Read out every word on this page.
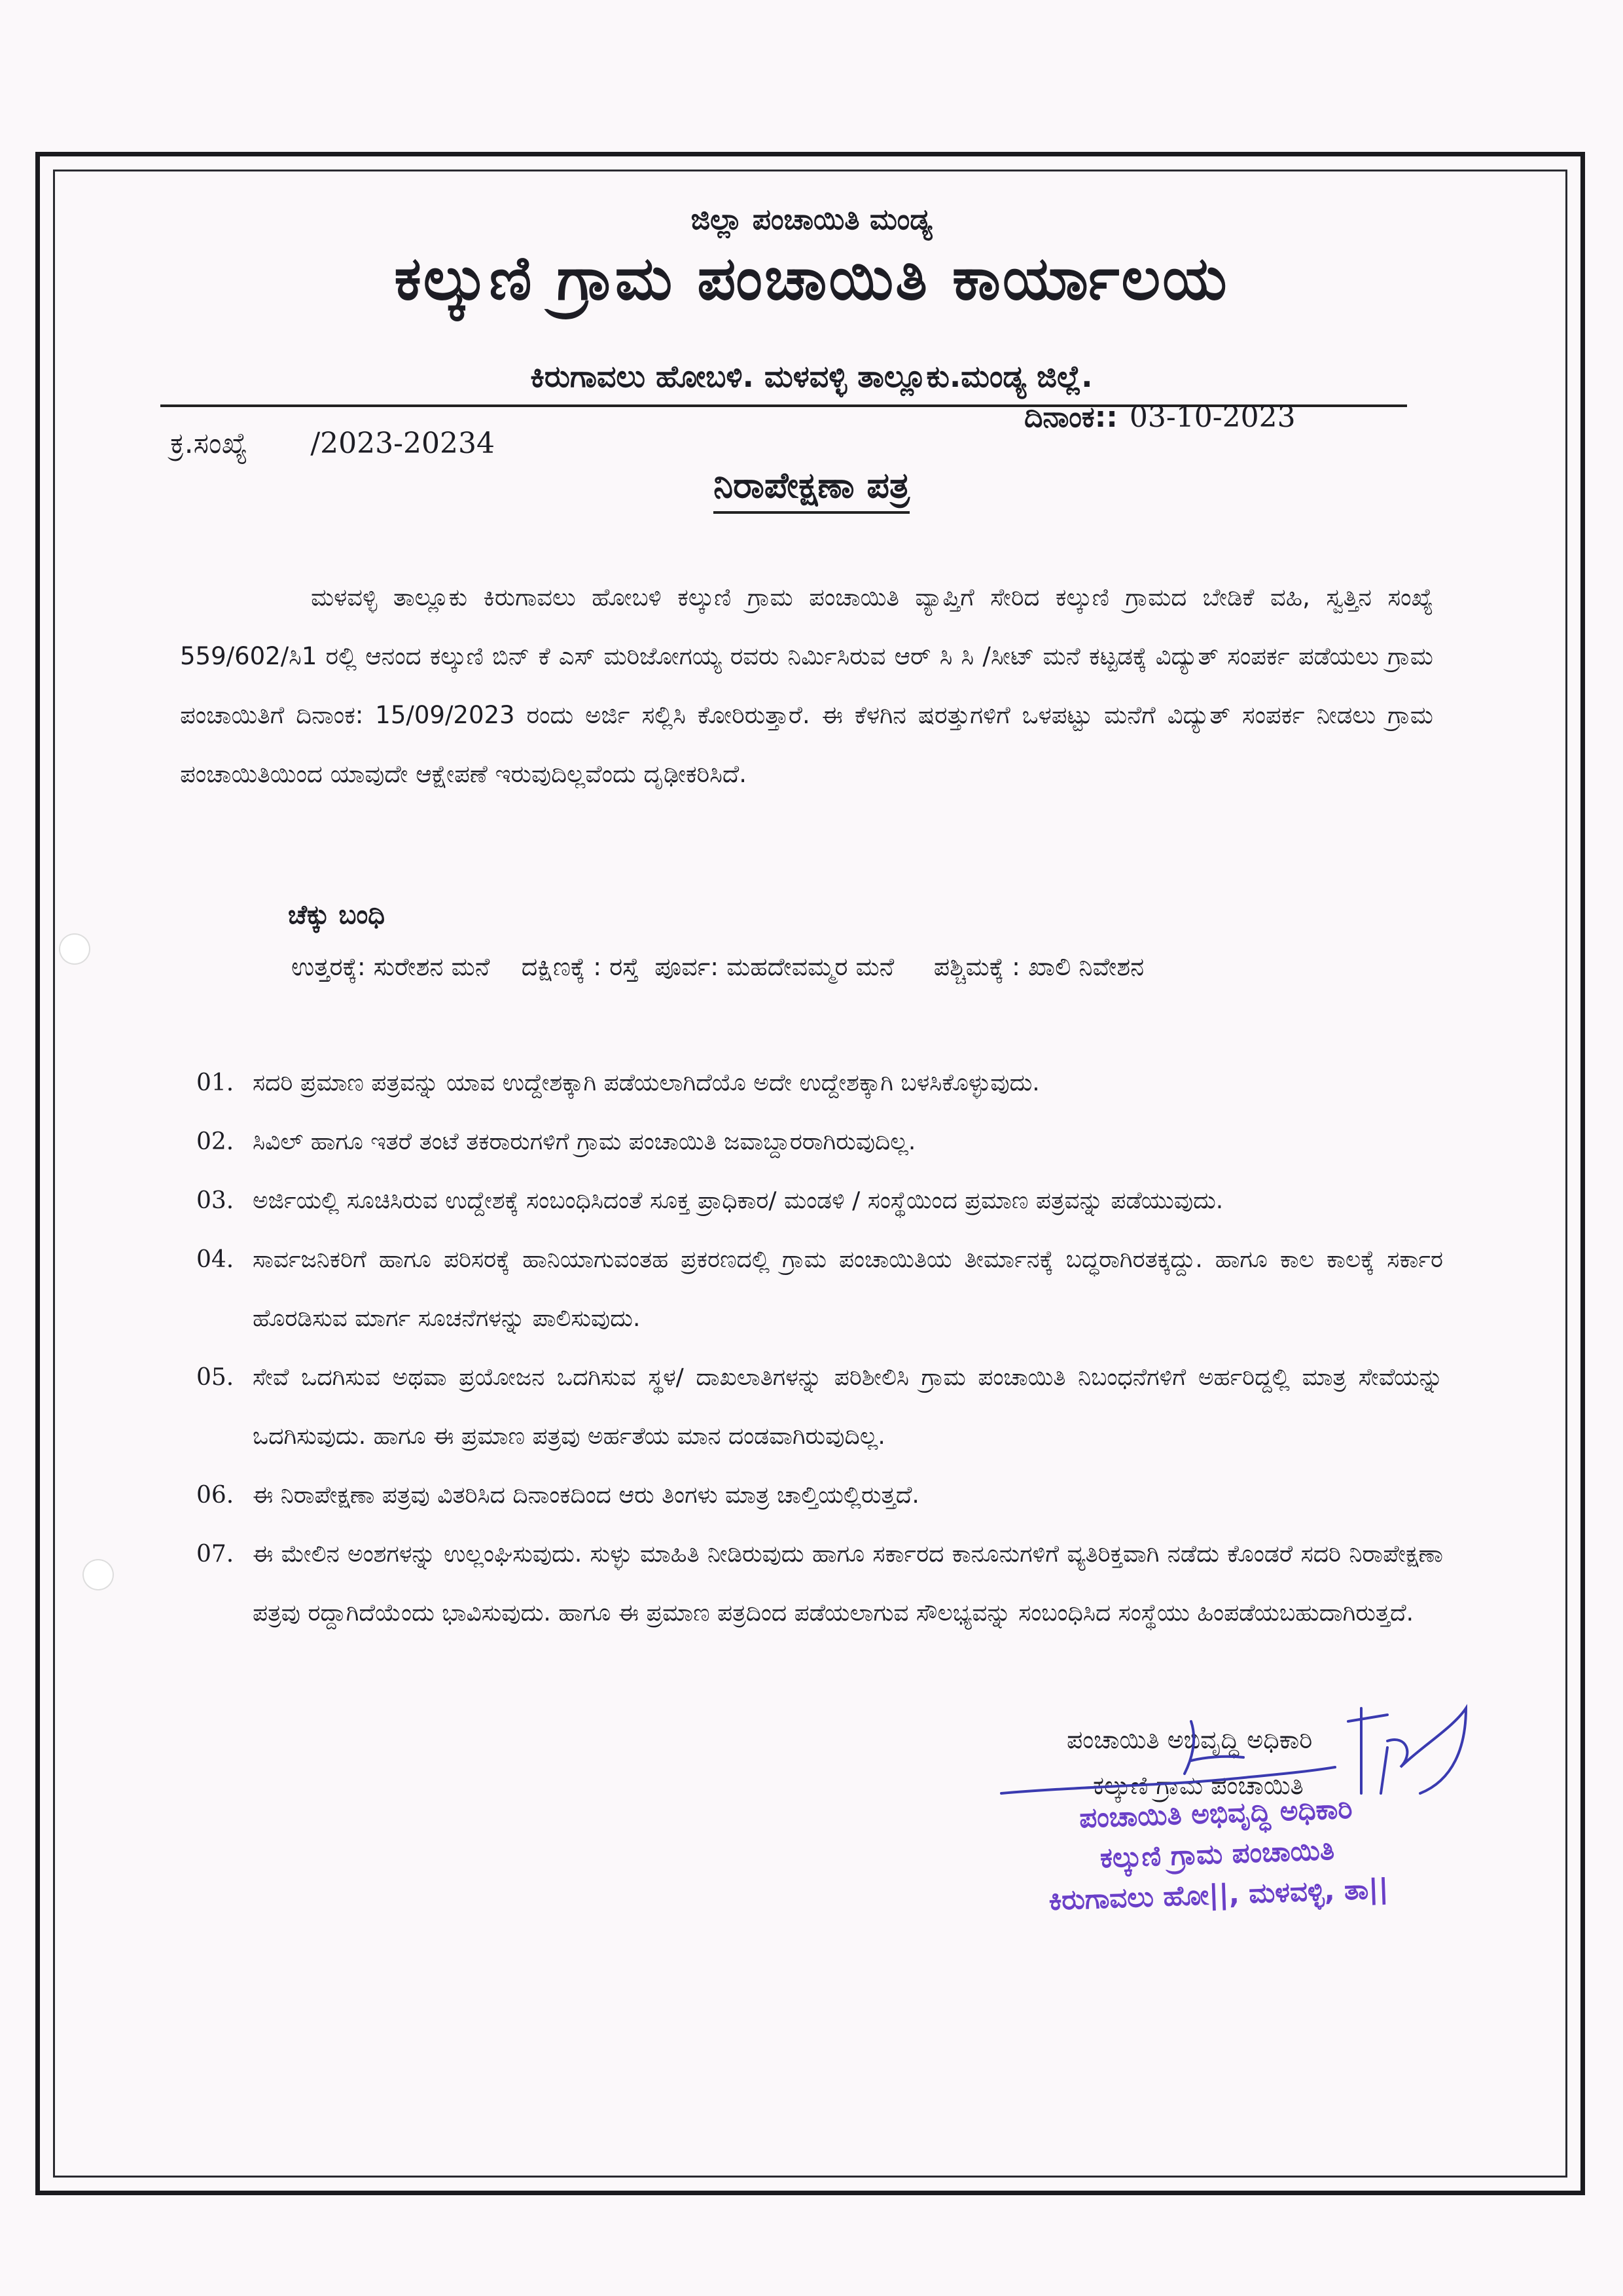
ಜಿಲ್ಲಾ ಪಂಚಾಯಿತಿ ಮಂಡ್ಯ
ಕಲ್ಕುಣಿ ಗ್ರಾಮ ಪಂಚಾಯಿತಿ ಕಾರ್ಯಾಲಯ
ಕಿರುಗಾವಲು ಹೋಬಳಿ. ಮಳವಳ್ಳಿ ತಾಲ್ಲೂಕು.ಮಂಡ್ಯ ಜಿಲ್ಲೆ.
ಕ್ರ.ಸಂಖ್ಯೆ /2023-20234
ದಿನಾಂಕ:: 03-10-2023
ನಿರಾಪೇಕ್ಷಣಾ ಪತ್ರ

ಮಳವಳ್ಳಿ ತಾಲ್ಲೂಕು ಕಿರುಗಾವಲು ಹೋಬಳಿ ಕಲ್ಕುಣಿ ಗ್ರಾಮ ಪಂಚಾಯಿತಿ ವ್ಯಾಪ್ತಿಗೆ ಸೇರಿದ ಕಲ್ಕುಣಿ ಗ್ರಾಮದ ಬೇಡಿಕೆ ವಹಿ, ಸ್ವತ್ತಿನ ಸಂಖ್ಯೆ 559/602/ಸಿ1 ರಲ್ಲಿ ಆನಂದ ಕಲ್ಕುಣಿ ಬಿನ್ ಕೆ ಎಸ್ ಮರಿಜೋಗಯ್ಯ ರವರು ನಿರ್ಮಿಸಿರುವ ಆರ್ ಸಿ ಸಿ /ಸೀಟ್ ಮನೆ ಕಟ್ಟಡಕ್ಕೆ ವಿದ್ಯುತ್ ಸಂಪರ್ಕ ಪಡೆಯಲು ಗ್ರಾಮ ಪಂಚಾಯಿತಿಗೆ ದಿನಾಂಕ: 15/09/2023 ರಂದು ಅರ್ಜಿ ಸಲ್ಲಿಸಿ ಕೋರಿರುತ್ತಾರೆ. ಈ ಕೆಳಗಿನ ಷರತ್ತುಗಳಿಗೆ ಒಳಪಟ್ಟು ಮನೆಗೆ ವಿದ್ಯುತ್ ಸಂಪರ್ಕ ನೀಡಲು ಗ್ರಾಮ ಪಂಚಾಯಿತಿಯಿಂದ ಯಾವುದೇ ಆಕ್ಷೇಪಣೆ ಇರುವುದಿಲ್ಲವೆಂದು ದೃಢೀಕರಿಸಿದೆ.

ಚೆಕ್ಕು ಬಂಧಿ
ಉತ್ತರಕ್ಕೆ: ಸುರೇಶನ ಮನೆ    ದಕ್ಷಿಣಕ್ಕೆ : ರಸ್ತೆ  ಪೂರ್ವ: ಮಹದೇವಮ್ಮರ ಮನೆ     ಪಶ್ಚಿಮಕ್ಕೆ : ಖಾಲಿ ನಿವೇಶನ
01. ಸದರಿ ಪ್ರಮಾಣ ಪತ್ರವನ್ನು ಯಾವ ಉದ್ದೇಶಕ್ಕಾಗಿ ಪಡೆಯಲಾಗಿದೆಯೊ ಅದೇ ಉದ್ದೇಶಕ್ಕಾಗಿ ಬಳಸಿಕೊಳ್ಳುವುದು.
02. ಸಿವಿಲ್ ಹಾಗೂ ಇತರೆ ತಂಟೆ ತಕರಾರುಗಳಿಗೆ ಗ್ರಾಮ ಪಂಚಾಯಿತಿ ಜವಾಬ್ದಾರರಾಗಿರುವುದಿಲ್ಲ.
03. ಅರ್ಜಿಯಲ್ಲಿ ಸೂಚಿಸಿರುವ ಉದ್ದೇಶಕ್ಕೆ ಸಂಬಂಧಿಸಿದಂತೆ ಸೂಕ್ತ ಪ್ರಾಧಿಕಾರ/ ಮಂಡಳಿ / ಸಂಸ್ಥೆಯಿಂದ ಪ್ರಮಾಣ ಪತ್ರವನ್ನು ಪಡೆಯುವುದು.
04. ಸಾರ್ವಜನಿಕರಿಗೆ ಹಾಗೂ ಪರಿಸರಕ್ಕೆ ಹಾನಿಯಾಗುವಂತಹ ಪ್ರಕರಣದಲ್ಲಿ ಗ್ರಾಮ ಪಂಚಾಯಿತಿಯ ತೀರ್ಮಾನಕ್ಕೆ ಬದ್ಧರಾಗಿರತಕ್ಕದ್ದು. ಹಾಗೂ ಕಾಲ ಕಾಲಕ್ಕೆ ಸರ್ಕಾರ ಹೊರಡಿಸುವ ಮಾರ್ಗ ಸೂಚನೆಗಳನ್ನು ಪಾಲಿಸುವುದು.
05. ಸೇವೆ ಒದಗಿಸುವ ಅಥವಾ ಪ್ರಯೋಜನ ಒದಗಿಸುವ ಸ್ಥಳ/ ದಾಖಲಾತಿಗಳನ್ನು ಪರಿಶೀಲಿಸಿ ಗ್ರಾಮ ಪಂಚಾಯಿತಿ ನಿಬಂಧನೆಗಳಿಗೆ ಅರ್ಹರಿದ್ದಲ್ಲಿ ಮಾತ್ರ ಸೇವೆಯನ್ನು ಒದಗಿಸುವುದು. ಹಾಗೂ ಈ ಪ್ರಮಾಣ ಪತ್ರವು ಅರ್ಹತೆಯ ಮಾನ ದಂಡವಾಗಿರುವುದಿಲ್ಲ.
06. ಈ ನಿರಾಪೇಕ್ಷಣಾ ಪತ್ರವು ವಿತರಿಸಿದ ದಿನಾಂಕದಿಂದ ಆರು ತಿಂಗಳು ಮಾತ್ರ ಚಾಲ್ತಿಯಲ್ಲಿರುತ್ತದೆ.
07. ಈ ಮೇಲಿನ ಅಂಶಗಳನ್ನು ಉಲ್ಲಂಘಿಸುವುದು. ಸುಳ್ಳು ಮಾಹಿತಿ ನೀಡಿರುವುದು ಹಾಗೂ ಸರ್ಕಾರದ ಕಾನೂನುಗಳಿಗೆ ವ್ಯತಿರಿಕ್ತವಾಗಿ ನಡೆದು ಕೊಂಡರೆ ಸದರಿ ನಿರಾಪೇಕ್ಷಣಾ ಪತ್ರವು ರದ್ದಾಗಿದೆಯೆಂದು ಭಾವಿಸುವುದು. ಹಾಗೂ ಈ ಪ್ರಮಾಣ ಪತ್ರದಿಂದ ಪಡೆಯಲಾಗುವ ಸೌಲಭ್ಯವನ್ನು ಸಂಬಂಧಿಸಿದ ಸಂಸ್ಥೆಯು ಹಿಂಪಡೆಯಬಹುದಾಗಿರುತ್ತದೆ.
ಪಂಚಾಯಿತಿ ಅಭಿವೃದ್ಧಿ ಅಧಿಕಾರಿ
ಕಲ್ಕುಣಿ ಗ್ರಾಮ ಪಂಚಾಯಿತಿ
ಪಂಚಾಯಿತಿ ಅಭಿವೃದ್ಧಿ ಅಧಿಕಾರಿ
ಕಲ್ಕುಣಿ ಗ್ರಾಮ ಪಂಚಾಯಿತಿ
ಕಿರುಗಾವಲು ಹೋ||, ಮಳವಳ್ಳಿ, ತಾ||
